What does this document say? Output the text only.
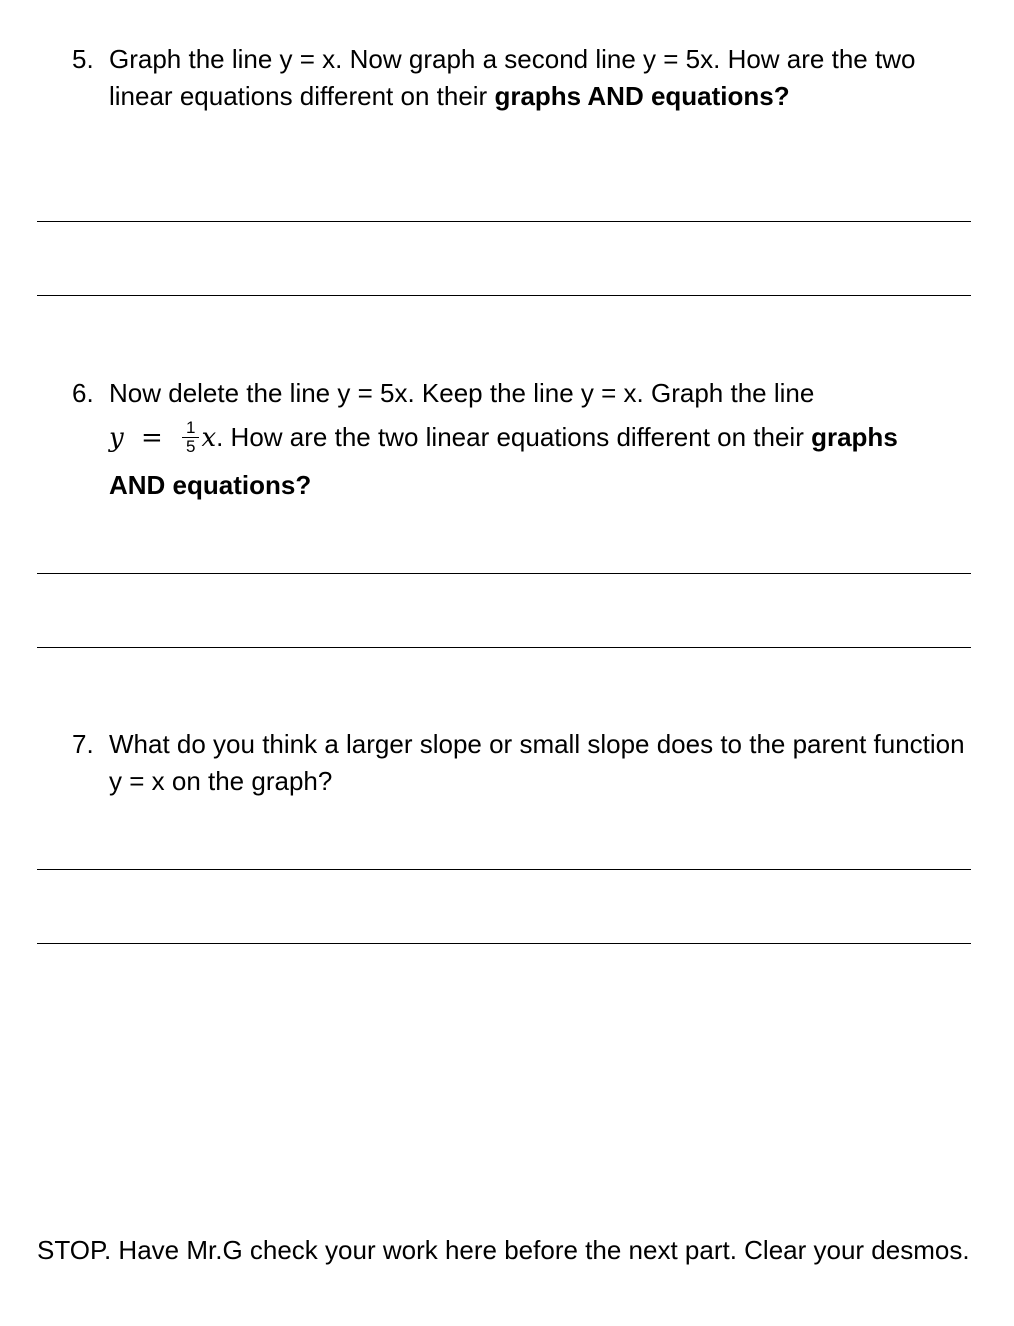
5. Graph the line y = x. Now graph a second line y = 5x. How are the two linear equations different on their graphs AND equations?
6. Now delete the line y = 5x. Keep the line y = x. Graph the line
$y = \frac{1}{5} x$. How are the two linear equations different on their graphs
AND equations?
7. What do you think a larger slope or small slope does to the parent function y = x on the graph?
STOP. Have Mr.G check your work here before the next part. Clear your desmos.
